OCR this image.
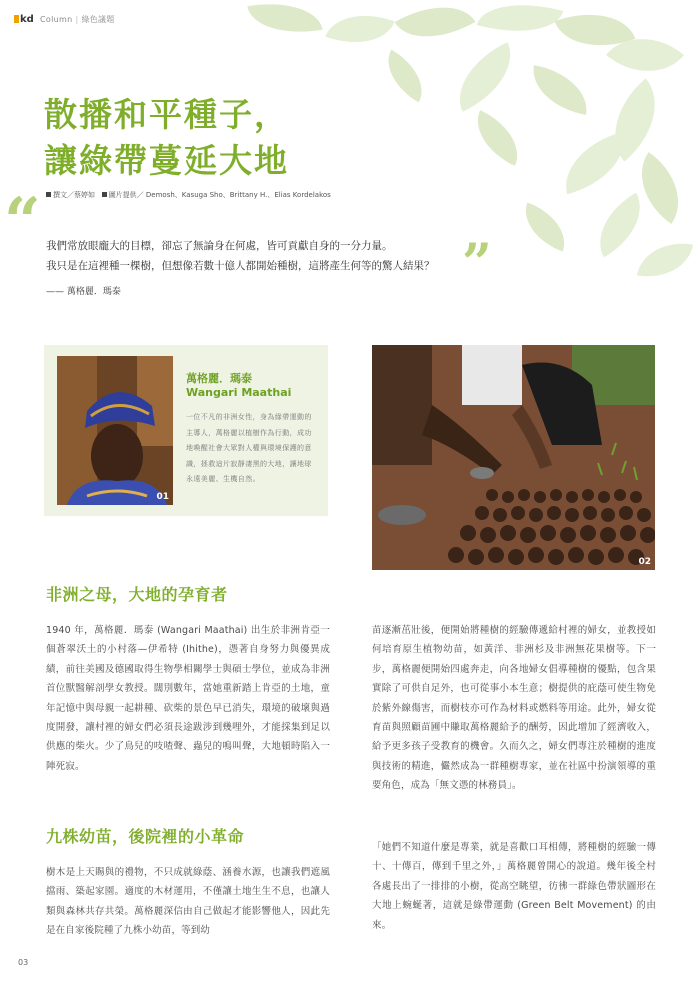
kd Column | 綠色議題
散播和平種子，
讓綠帶蔓延大地
撰文／蔡婷如 圖片提供／ Demosh、Kasuga Sho、Brittany H.、Elias Kordelakos
“ 我們常放眼龐大的目標，卻忘了無論身在何處，皆可貢獻自身的一分力量。
我只是在這裡種一棵樹，但想像若數十億人都開始種樹，這將產生何等的驚人結果？ ”
—— 萬格麗．瑪泰
01
萬格麗．瑪泰
Wangari Maathai
一位不凡的非洲女性，身為綠帶運動的主導人，萬格麗以植樹作為行動，成功地喚醒社會大眾對人權與環境保護的意識，拯救這片寂靜凄黑的大地，讓地球永遠美麗、生機自然。
02
非洲之母，大地的孕育者
1940 年，萬格麗．瑪泰 (Wangari Maathai) 出生於非洲肯亞一個蒼翠沃土的小村落—伊希特 (Ihithe)，憑著自身努力與優異成績，前往美國及德國取得生物學相關學士與碩士學位，並成為非洲首位獸醫解剖學女教授。闊別數年，當她重新踏上肯亞的土地，童年記憶中與母親一起耕種、砍柴的景色早已消失，環境的破壞與過度開發，讓村裡的婦女們必須長途跋涉到幾哩外，才能採集到足以供應的柴火。少了鳥兒的吱喳聲、蟲兒的鳴叫聲，大地頓時陷入一陣死寂。
九株幼苗，後院裡的小革命
樹木是上天賜與的禮物，不只成就綠蔭、涵養水源，也讓我們遮風擋雨、築起家園。適度的木材運用，不僅讓土地生生不息，也讓人類與森林共存共榮。萬格麗深信由自己做起才能影響他人，因此先是在自家後院種了九株小幼苗，等到幼
苗逐漸茁壯後，便開始將種樹的經驗傳遞給村裡的婦女，並教授如何培育原生植物幼苗，如黃洋、非洲杉及非洲無花果樹等。下一步，萬格麗便開始四處奔走，向各地婦女倡導種樹的優點，包含果實除了可供自足外，也可從事小本生意；樹提供的庇蔭可使生物免於紫外線傷害，而樹枝亦可作為材料或燃料等用途。此外，婦女從育苗與照顧苗圃中賺取萬格麗給予的酬勞，因此增加了經濟收入，給予更多孩子受教育的機會。久而久之，婦女們專注於種樹的進度與技術的精進，儼然成為一群種樹專家，並在社區中扮演領導的重要角色，成為「無文憑的林務員」。
「她們不知道什麼是專業，就是喜歡口耳相傳，將種樹的經驗一傳十、十傳百，傳到千里之外，」萬格麗曾開心的說道。幾年後全村各處長出了一排排的小樹，從高空眺望，彷彿一群綠色帶狀圖形在大地上蜿蜒著，這就是綠帶運動 (Green Belt Movement) 的由來。
03
